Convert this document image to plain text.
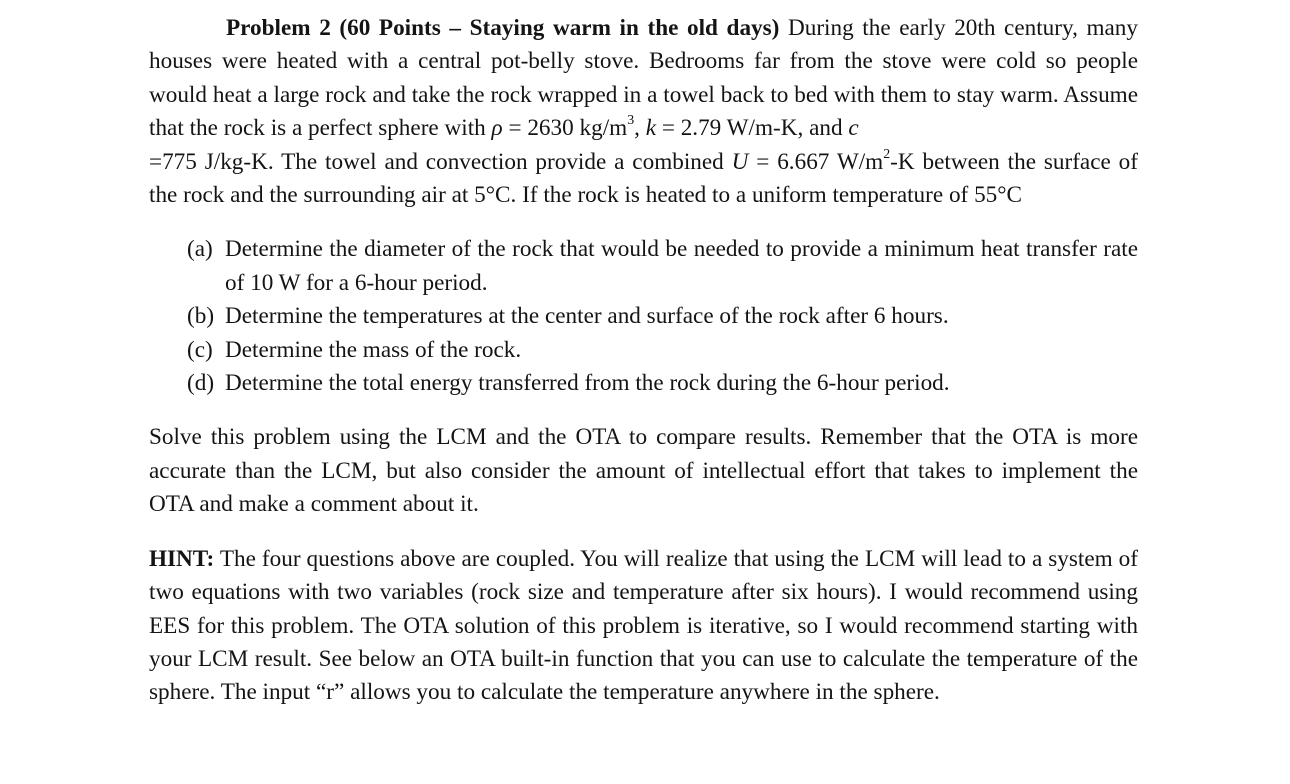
Problem 2 (60 Points – Staying warm in the old days) During the early 20th century, many houses were heated with a central pot-belly stove. Bedrooms far from the stove were cold so people would heat a large rock and take the rock wrapped in a towel back to bed with them to stay warm. Assume that the rock is a perfect sphere with ρ = 2630 $kg/m^3$, k = 2.79 W/m-K, and c
=775 J/kg-K. The towel and convection provide a combined U = 6.667 $W/m^2-K$ between the surface of the rock and the surrounding air at 5°C. If the rock is heated to a uniform temperature of 55°C

(a) Determine the diameter of the rock that would be needed to provide a minimum heat transfer rate of 10 W for a 6-hour period.
(b) Determine the temperatures at the center and surface of the rock after 6 hours.
(c) Determine the mass of the rock.
(d) Determine the total energy transferred from the rock during the 6-hour period.

Solve this problem using the LCM and the OTA to compare results. Remember that the OTA is more accurate than the LCM, but also consider the amount of intellectual effort that takes to implement the OTA and make a comment about it.

HINT: The four questions above are coupled. You will realize that using the LCM will lead to a system of two equations with two variables (rock size and temperature after six hours). I would recommend using EES for this problem. The OTA solution of this problem is iterative, so I would recommend starting with your LCM result. See below an OTA built-in function that you can use to calculate the temperature of the sphere. The input “r” allows you to calculate the temperature anywhere in the sphere.
